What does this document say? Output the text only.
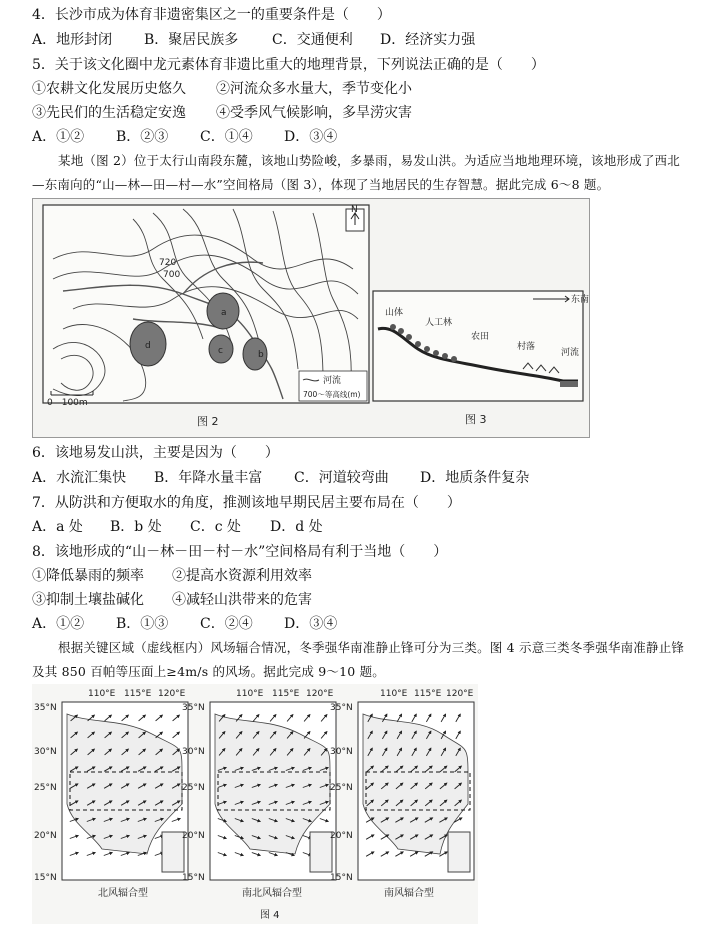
4．长沙市成为体育非遗密集区之一的重要条件是（　　）
A．地形封闭 B．聚居民族多 C．交通便利 D．经济实力强
5．关于该文化圈中龙元素体育非遗比重大的地理背景，下列说法正确的是（　　）
①农耕文化发展历史悠久 ②河流众多水量大，季节变化小
③先民们的生活稳定安逸 ④受季风气候影响，多旱涝灾害
A．①② B．②③ C．①④ D．③④
某地（图 2）位于太行山南段东麓，该地山势险峻，多暴雨，易发山洪。为适应当地地理环境，该地形成了西北—东南向的“山—林—田—村—水”空间格局（图 3），体现了当地居民的生存智慧。据此完成 6～8 题。
d
a
c	b
720
700
N
0　100m
河流
700～等高线(m)
图 2
东南
山体
人工林
农田
村落
河流
图 3
6．该地易发山洪，主要是因为（　　）
A．水流汇集快 B．年降水量丰富 C．河道较弯曲 D．地质条件复杂
7．从防洪和方便取水的角度，推测该地早期民居主要布局在（　　）
A．a 处 B．b 处 C．c 处 D．d 处
8．该地形成的“山－林－田－村－水”空间格局有利于当地（　　）
①降低暴雨的频率 ②提高水资源利用效率
③抑制土壤盐碱化 ④减轻山洪带来的危害
A．①② B．①③ C．②④ D．③④
根据关键区域（虚线框内）风场辐合情况，冬季强华南准静止锋可分为三类。图 4 示意三类冬季强华南准静止锋及其 850 百帕等压面上≥4m/s 的风场。据此完成 9～10 题。
110°E 115°E 120°E	110°E 115°E 120°E	110°E 115°E 120°E
35°N
30°N
25°N
20°N
15°N
35°N
30°N
25°N
20°N
15°N
35°N
30°N
25°N
20°N
15°N
北风辐合型	南北风辐合型	南风辐合型
图 4
